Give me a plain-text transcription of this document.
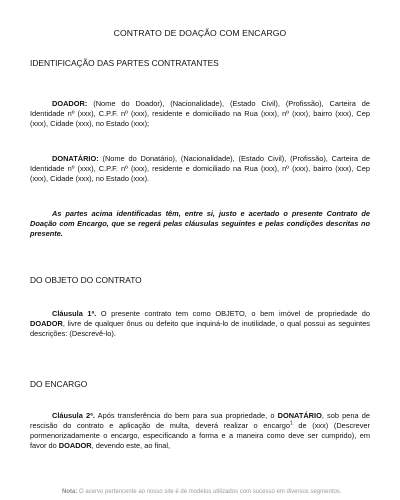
CONTRATO DE DOAÇÃO COM ENCARGO
IDENTIFICAÇÃO DAS PARTES CONTRATANTES
DOADOR: (Nome do Doador), (Nacionalidade), (Estado Civil), (Profissão), Carteira de Identidade nº (xxx), C.P.F. nº (xxx), residente e domiciliado na Rua (xxx), nº (xxx), bairro (xxx), Cep (xxx), Cidade (xxx), no Estado (xxx);
DONATÁRIO: (Nome do Donatário), (Nacionalidade), (Estado Civil), (Profissão), Carteira de Identidade nº (xxx), C.P.F. nº (xxx), residente e domiciliado na Rua (xxx), nº (xxx), bairro (xxx), Cep (xxx), Cidade (xxx), no Estado (xxx).
As partes acima identificadas têm, entre si, justo e acertado o presente Contrato de Doação com Encargo, que se regerá pelas cláusulas seguintes e pelas condições descritas no presente.
DO OBJETO DO CONTRATO
Cláusula 1ª. O presente contrato tem como OBJETO, o bem imóvel de propriedade do DOADOR, livre de qualquer ônus ou defeito que inquiná-lo de inutilidade, o qual possui as seguintes descrições: (Descrevê-lo).
DO ENCARGO
Cláusula 2ª. Após transferência do bem para sua propriedade, o DONATÁRIO, sob pena de rescisão do contrato e aplicação de multa, deverá realizar o encargo$^1$ de (xxx) (Descrever pormenorizadamente o encargo, especificando a forma e a maneira como deve ser cumprido), em favor do DOADOR, devendo este, ao final,
Nota: O acervo pertencente ao nosso site é de modelos utilizados com sucesso em diversos segmentos.
